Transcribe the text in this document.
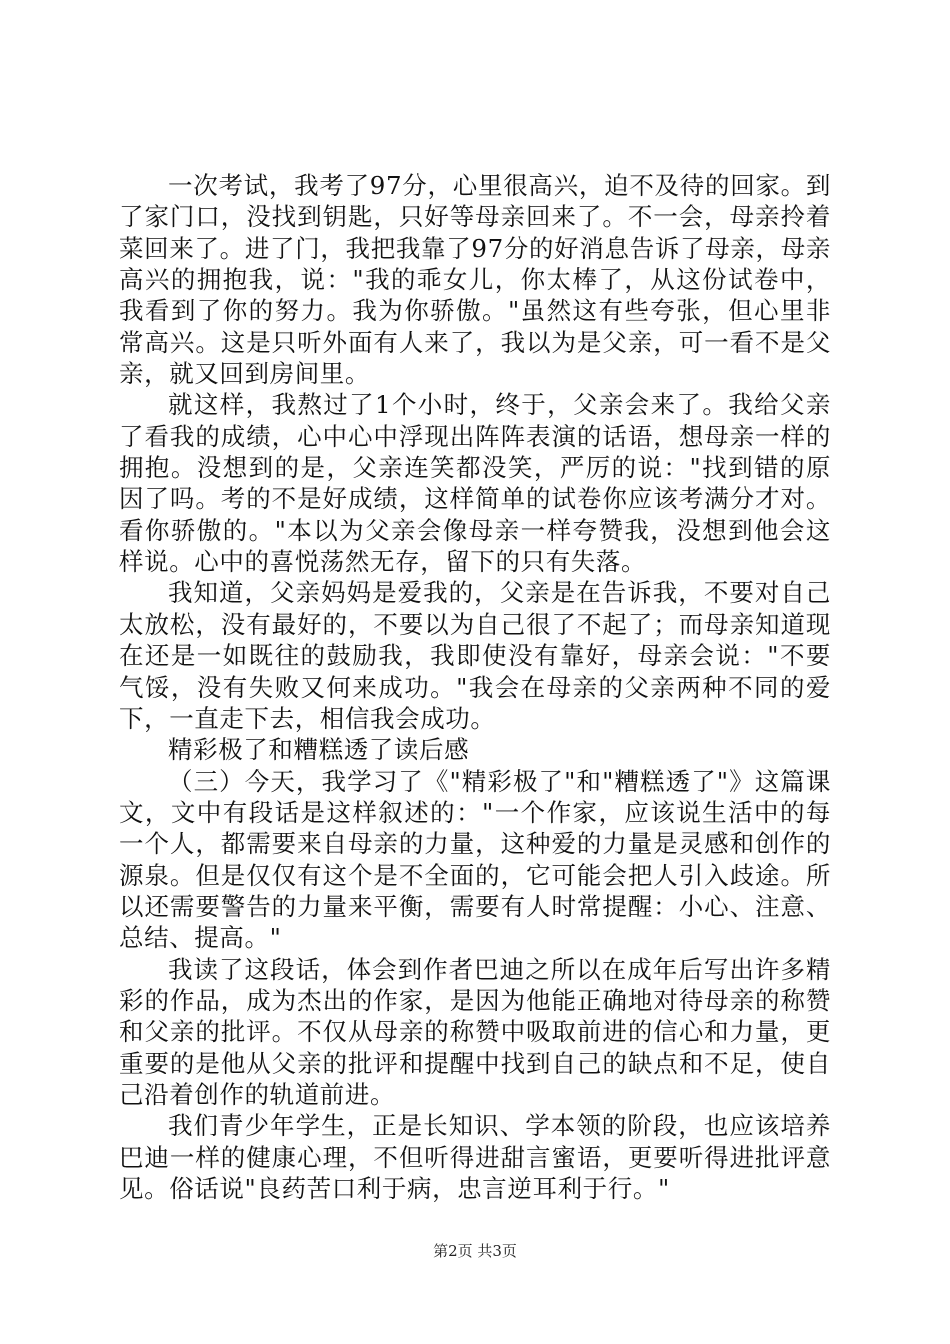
一次考试，我考了97分，心里很高兴，迫不及待的回家。到了家门口，没找到钥匙，只好等母亲回来了。不一会，母亲拎着菜回来了。进了门，我把我靠了97分的好消息告诉了母亲，母亲高兴的拥抱我，说："我的乖女儿，你太棒了，从这份试卷中，我看到了你的努力。我为你骄傲。"虽然这有些夸张，但心里非常高兴。这是只听外面有人来了，我以为是父亲，可一看不是父亲，就又回到房间里。

就这样，我熬过了1个小时，终于，父亲会来了。我给父亲了看我的成绩，心中心中浮现出阵阵表演的话语，想母亲一样的拥抱。没想到的是，父亲连笑都没笑，严厉的说："找到错的原因了吗。考的不是好成绩，这样简单的试卷你应该考满分才对。看你骄傲的。"本以为父亲会像母亲一样夸赞我，没想到他会这样说。心中的喜悦荡然无存，留下的只有失落。

我知道，父亲妈妈是爱我的，父亲是在告诉我，不要对自己太放松，没有最好的，不要以为自己很了不起了；而母亲知道现在还是一如既往的鼓励我，我即使没有靠好，母亲会说："不要气馁，没有失败又何来成功。"我会在母亲的父亲两种不同的爱下，一直走下去，相信我会成功。

精彩极了和糟糕透了读后感

（三）今天，我学习了《"精彩极了"和"糟糕透了"》这篇课文，文中有段话是这样叙述的："一个作家，应该说生活中的每一个人，都需要来自母亲的力量，这种爱的力量是灵感和创作的源泉。但是仅仅有这个是不全面的，它可能会把人引入歧途。所以还需要警告的力量来平衡，需要有人时常提醒：小心、注意、总结、提高。"

我读了这段话，体会到作者巴迪之所以在成年后写出许多精彩的作品，成为杰出的作家，是因为他能正确地对待母亲的称赞和父亲的批评。不仅从母亲的称赞中吸取前进的信心和力量，更重要的是他从父亲的批评和提醒中找到自己的缺点和不足，使自己沿着创作的轨道前进。

我们青少年学生，正是长知识、学本领的阶段，也应该培养巴迪一样的健康心理，不但听得进甜言蜜语，更要听得进批评意见。俗话说"良药苦口利于病，忠言逆耳利于行。"

第2页 共3页
